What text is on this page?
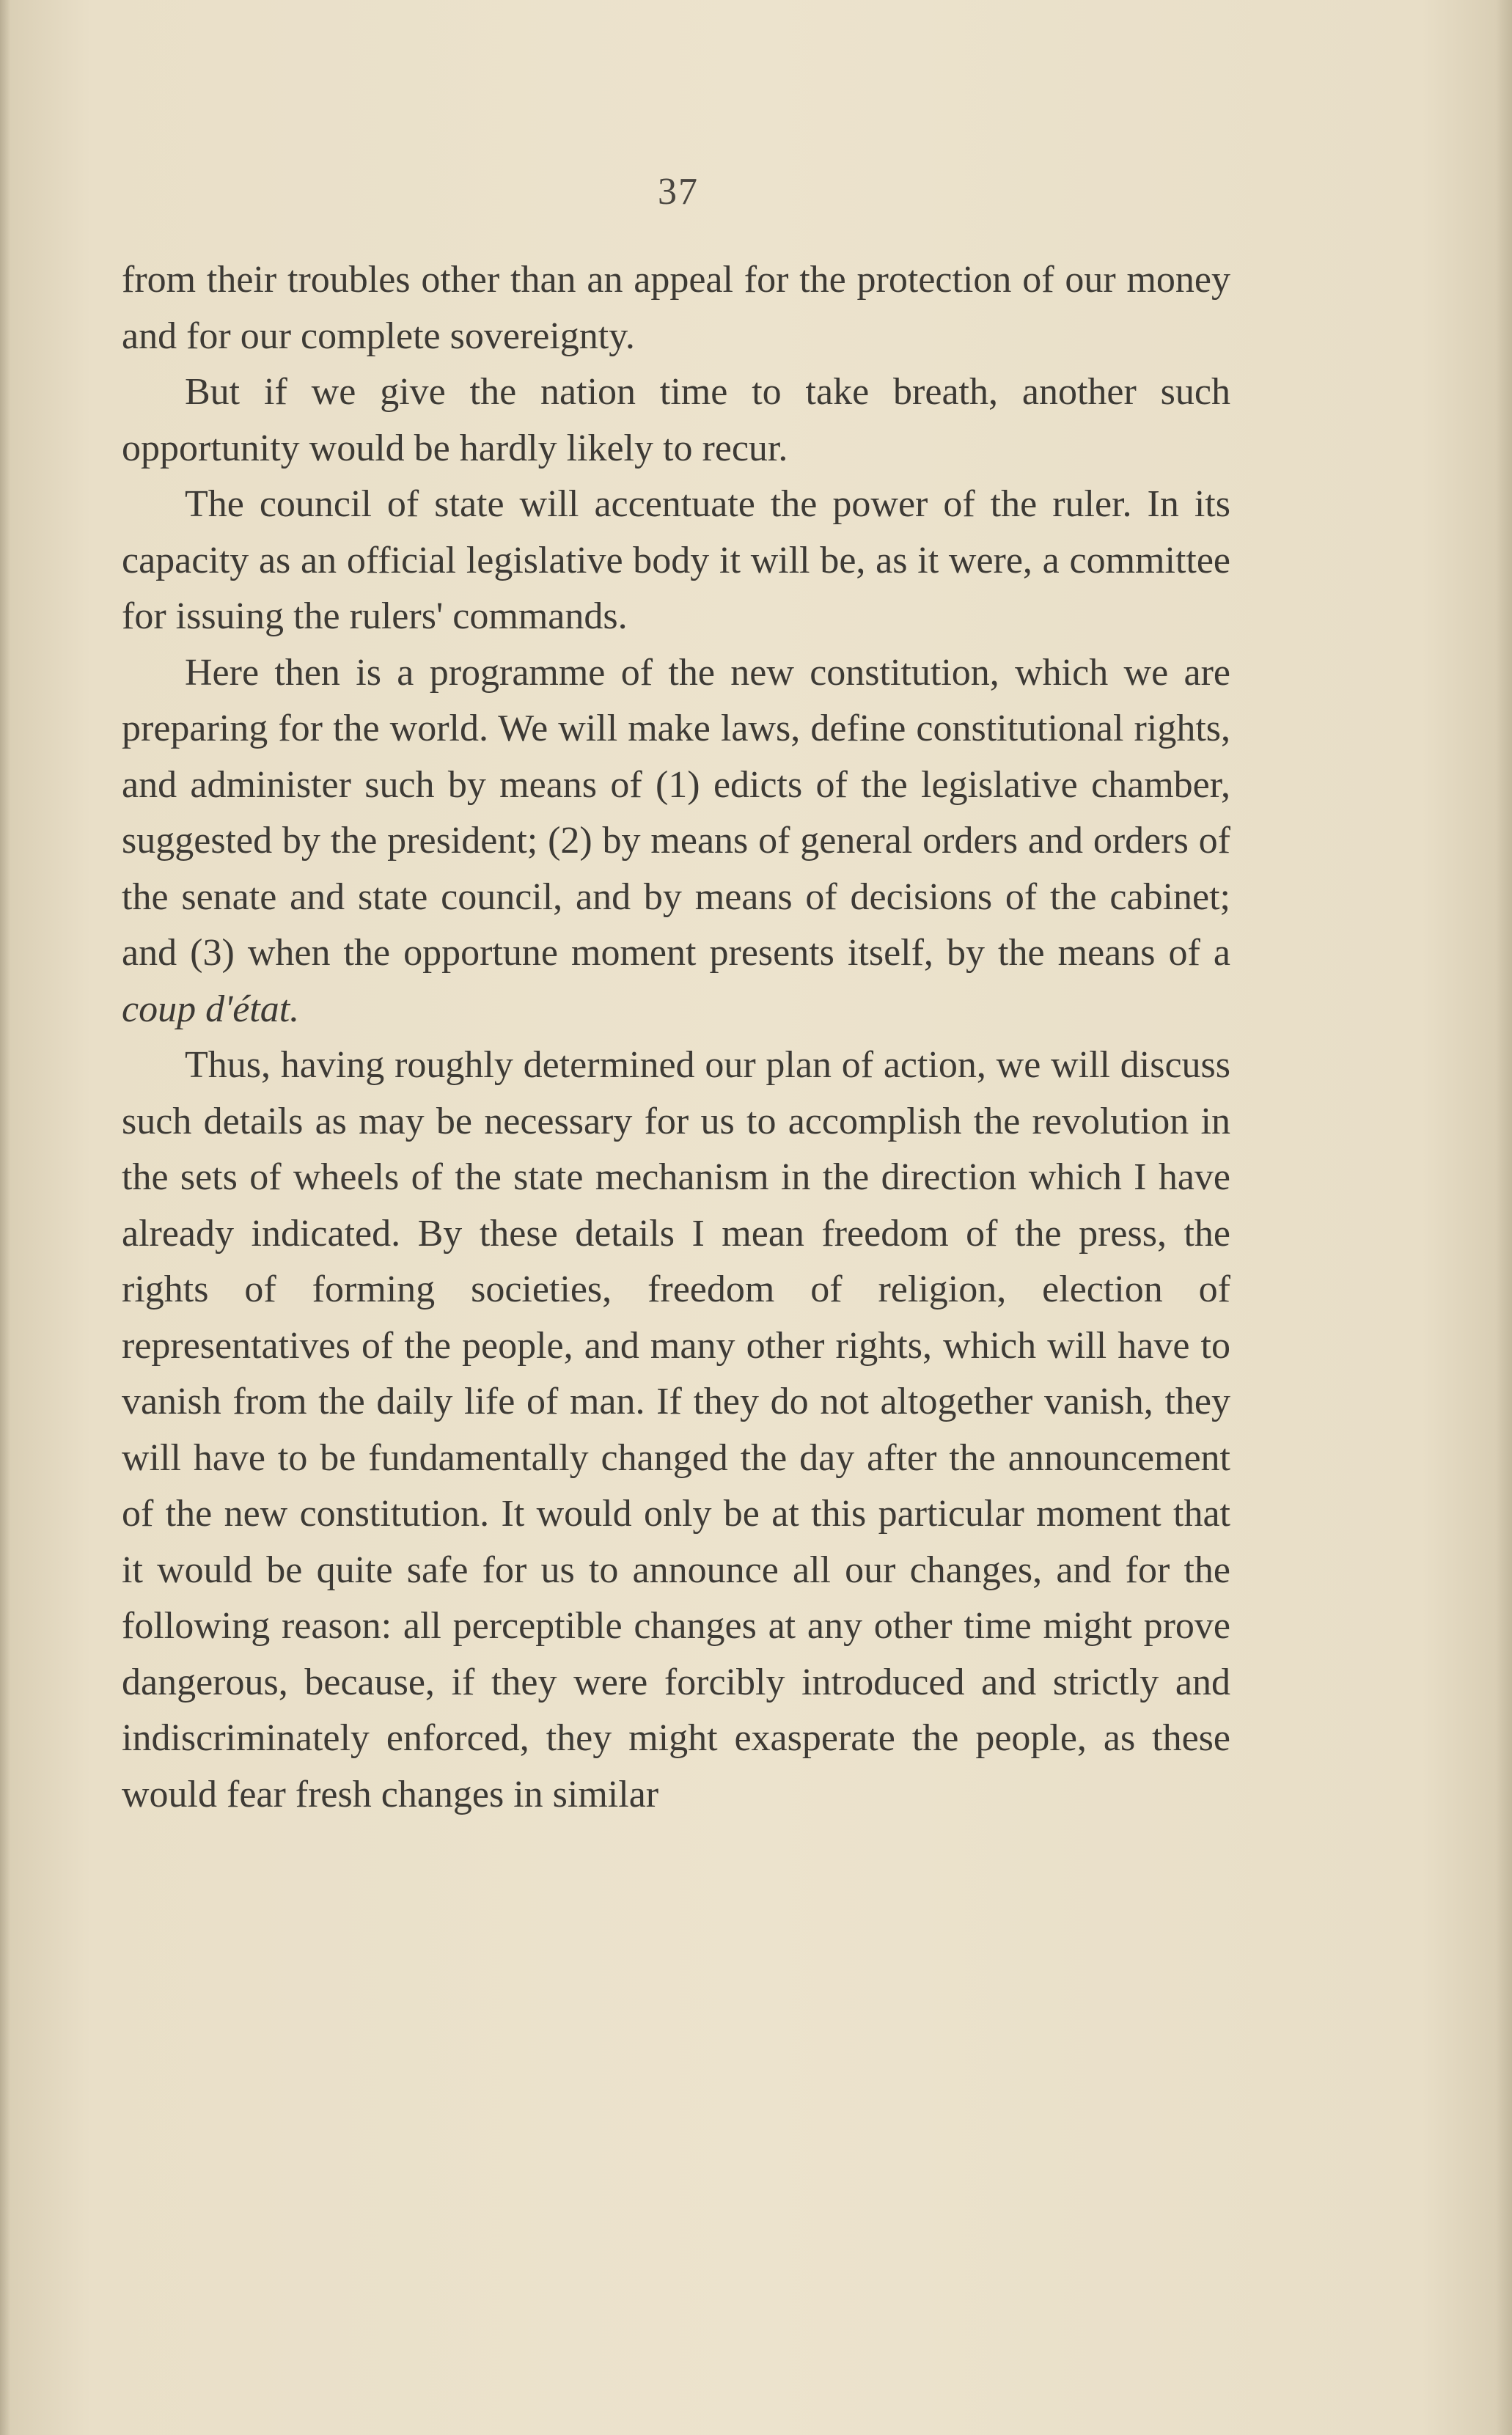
37

from their troubles other than an appeal for the protection of our money and for our complete sovereignty.

But if we give the nation time to take breath, another such opportunity would be hardly likely to recur.

The council of state will accentuate the power of the ruler. In its capacity as an official legislative body it will be, as it were, a committee for issuing the rulers' commands.

Here then is a programme of the new constitution, which we are preparing for the world. We will make laws, define constitutional rights, and administer such by means of (1) edicts of the legislative chamber, suggested by the president; (2) by means of general orders and orders of the senate and state council, and by means of decisions of the cabinet; and (3) when the opportune moment presents itself, by the means of a coup d'état.

Thus, having roughly determined our plan of action, we will discuss such details as may be necessary for us to accomplish the revolution in the sets of wheels of the state mechanism in the direction which I have already indicated. By these details I mean freedom of the press, the rights of forming societies, freedom of religion, election of representatives of the people, and many other rights, which will have to vanish from the daily life of man. If they do not altogether vanish, they will have to be fundamentally changed the day after the announcement of the new constitution. It would only be at this particular moment that it would be quite safe for us to announce all our changes, and for the following reason: all perceptible changes at any other time might prove dangerous, because, if they were forcibly introduced and strictly and indiscriminately enforced, they might exasperate the people, as these would fear fresh changes in similar
